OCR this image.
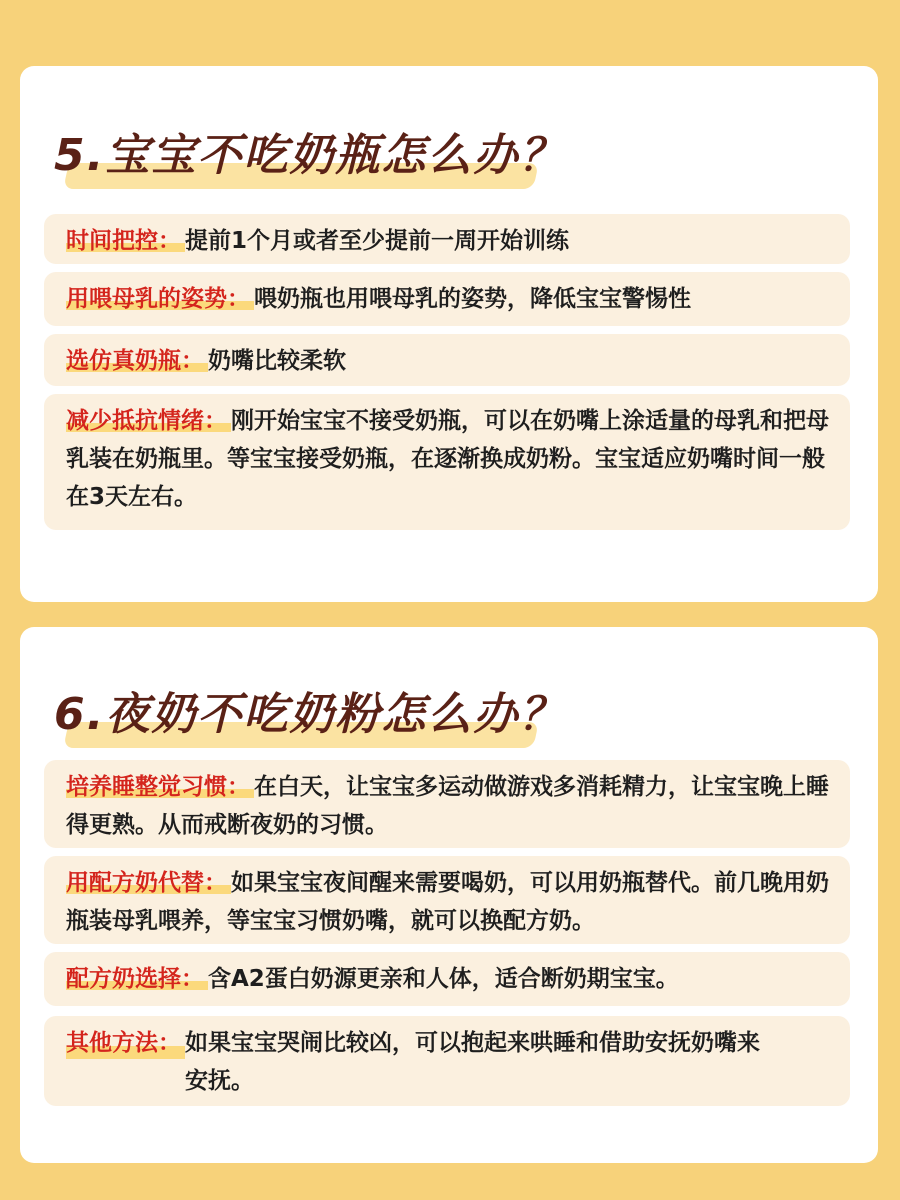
5.宝宝不吃奶瓶怎么办？
时间把控： 提前1个月或者至少提前一周开始训练
用喂母乳的姿势： 喂奶瓶也用喂母乳的姿势，降低宝宝警惕性
选仿真奶瓶： 奶嘴比较柔软
减少抵抗情绪： 刚开始宝宝不接受奶瓶，可以在奶嘴上涂适量的母乳和把母乳装在奶瓶里。等宝宝接受奶瓶，在逐渐换成奶粉。宝宝适应奶嘴时间一般在3天左右。
6.夜奶不吃奶粉怎么办？
培养睡整觉习惯： 在白天，让宝宝多运动做游戏多消耗精力，让宝宝晚上睡得更熟。从而戒断夜奶的习惯。
用配方奶代替： 如果宝宝夜间醒来需要喝奶，可以用奶瓶替代。前几晚用奶瓶装母乳喂养，等宝宝习惯奶嘴，就可以换配方奶。
配方奶选择： 含A2蛋白奶源更亲和人体，适合断奶期宝宝。
其他方法： 如果宝宝哭闹比较凶，可以抱起来哄睡和借助安抚奶嘴来安抚。
